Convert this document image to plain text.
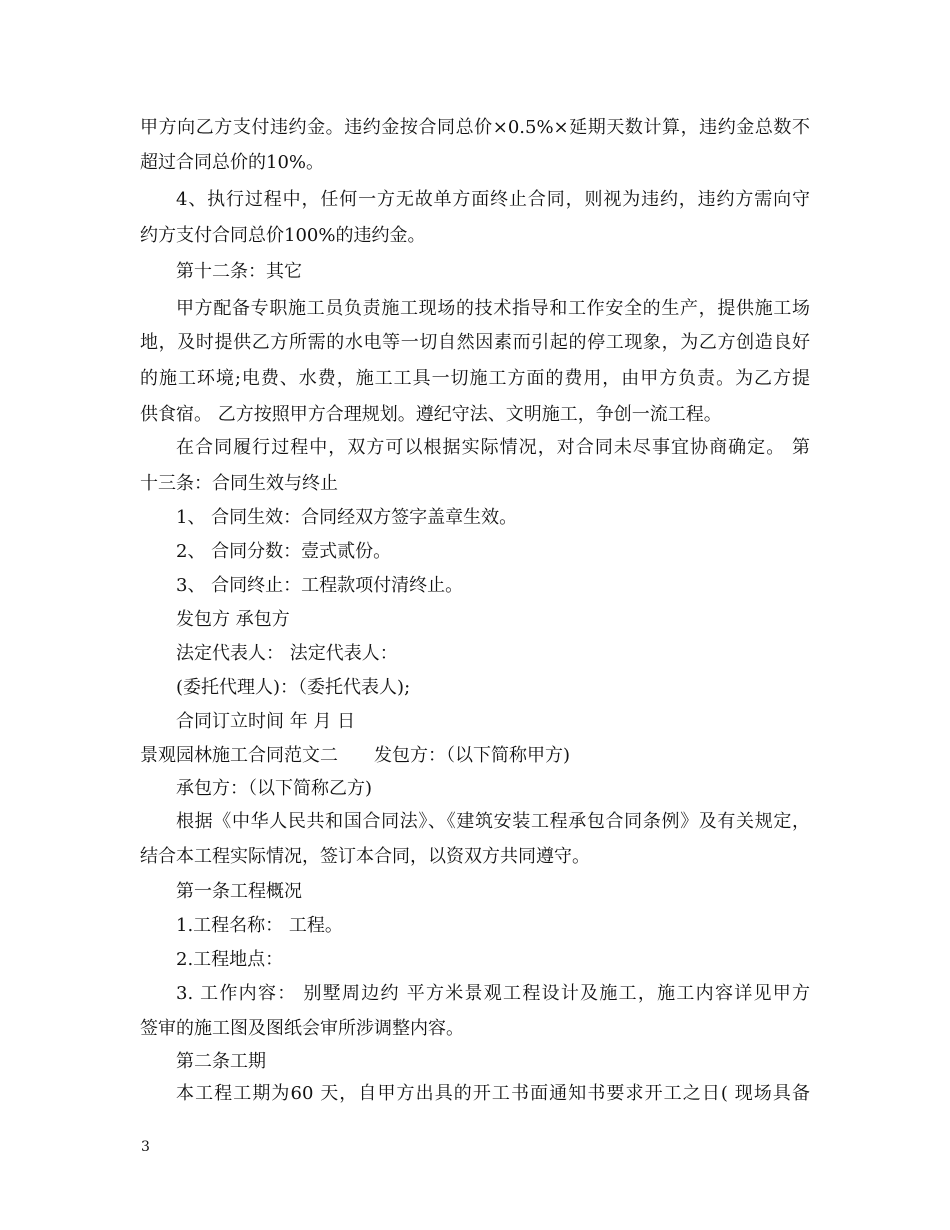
甲方向乙方支付违约金。违约金按合同总价×0.5%×延期天数计算，违约金总数不
超过合同总价的10%。
4、执行过程中，任何一方无故单方面终止合同，则视为违约，违约方需向守
约方支付合同总价100%的违约金。
第十二条：其它
甲方配备专职施工员负责施工现场的技术指导和工作安全的生产，提供施工场
地，及时提供乙方所需的水电等一切自然因素而引起的停工现象，为乙方创造良好
的施工环境;电费、水费，施工工具一切施工方面的费用，由甲方负责。为乙方提
供食宿。 乙方按照甲方合理规划。遵纪守法、文明施工，争创一流工程。
在合同履行过程中，双方可以根据实际情况，对合同未尽事宜协商确定。 第
十三条：合同生效与终止
1、 合同生效：合同经双方签字盖章生效。
2、 合同分数：壹式贰份。
3、 合同终止：工程款项付清终止。
发包方 承包方
法定代表人： 法定代表人：
(委托代理人)：（委托代表人);
合同订立时间 年 月 日
景观园林施工合同范文二　　发包方：（以下简称甲方)
承包方：（以下简称乙方)
根据《中华人民共和国合同法》、《建筑安装工程承包合同条例》及有关规定，
结合本工程实际情况，签订本合同，以资双方共同遵守。
第一条工程概况
1.工程名称： 工程。
2.工程地点：
3. 工作内容： 别墅周边约 平方米景观工程设计及施工，施工内容详见甲方
签审的施工图及图纸会审所涉调整内容。
第二条工期
本工程工期为60 天，自甲方出具的开工书面通知书要求开工之日( 现场具备
3
